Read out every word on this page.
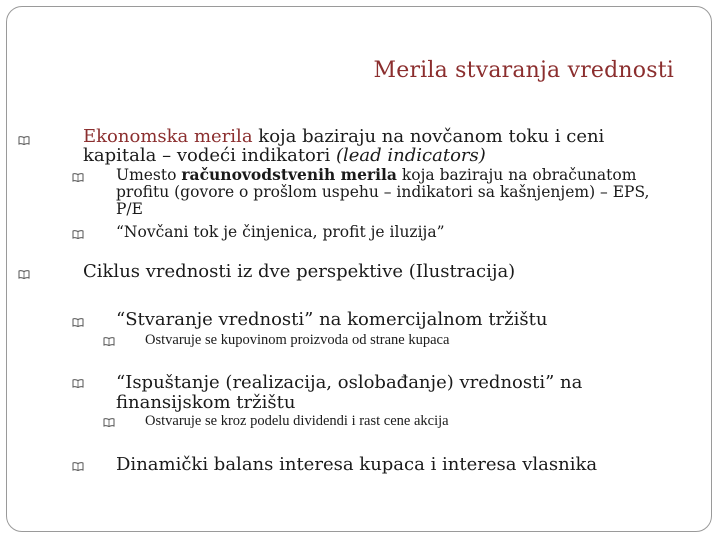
Merila stvaranja vrednosti
Ekonomska merila koja baziraju na novčanom toku i ceni
kapitala – vodeći indikatori (lead indicators)
Umesto računovodstvenih merila koja baziraju na obračunatom
profitu (govore o prošlom uspehu – indikatori sa kašnjenjem) – EPS,
P/E
“Novčani tok je činjenica, profit je iluzija”
Ciklus vrednosti iz dve perspektive (Ilustracija)
“Stvaranje vrednosti” na komercijalnom tržištu
Ostvaruje se kupovinom proizvoda od strane kupaca
“Ispuštanje (realizacija, oslobađanje) vrednosti” na
finansijskom tržištu
Ostvaruje se kroz podelu dividendi i rast cene akcija
Dinamički balans interesa kupaca i interesa vlasnika
